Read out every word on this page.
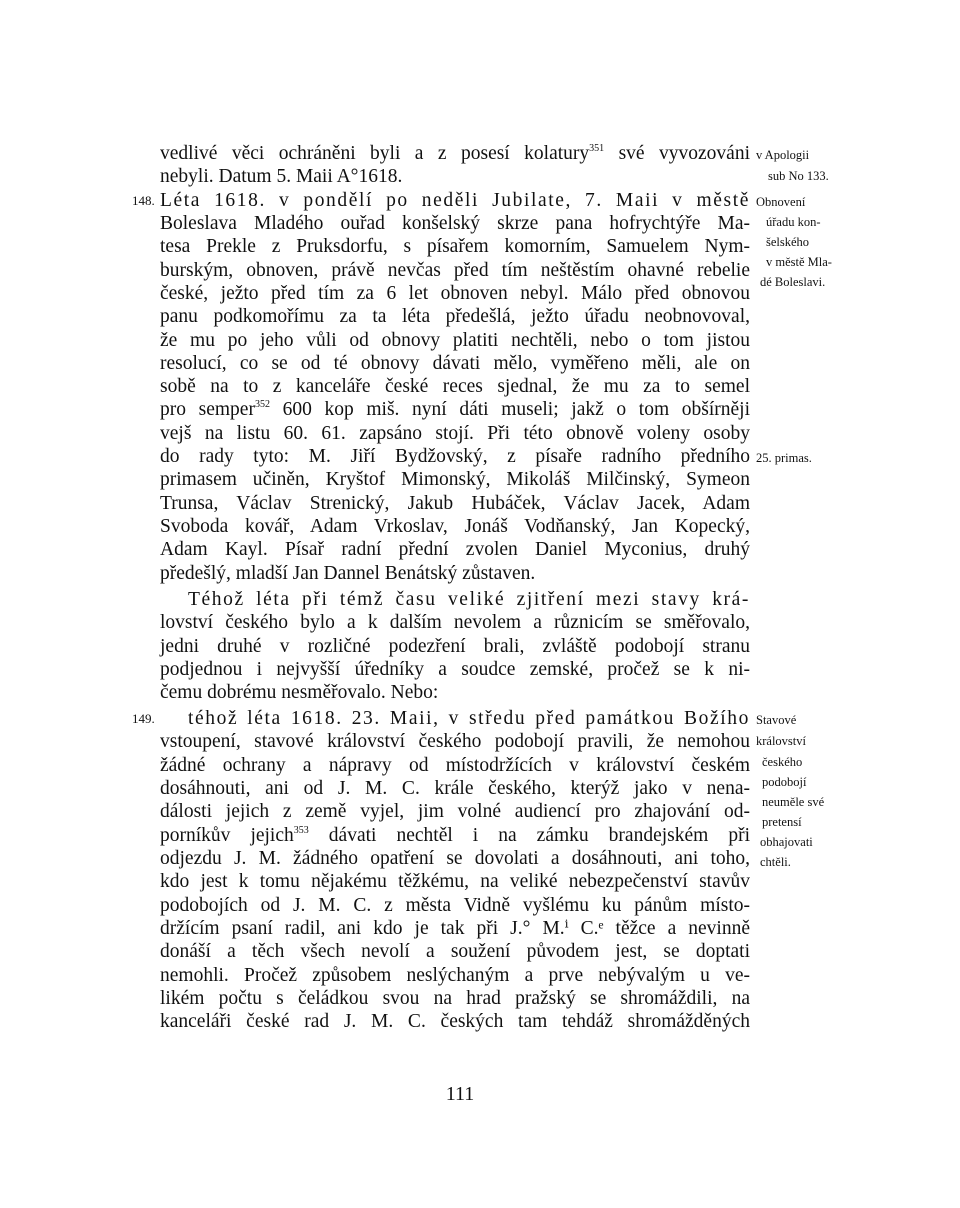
vedlivé věci ochráněni byli a z posesí kolatury$^{351}$ své vyvozováni
nebyli. Datum 5. Maii A°1618.
Léta 1618. v pondělí po neděli Jubilate, 7. Maii v městě
Boleslava Mladého ouřad konšelský skrze pana hofrychtýře Ma-
tesa Prekle z Pruksdorfu, s písařem komorním, Samuelem Nym-
burským, obnoven, právě nevčas před tím neštěstím ohavné rebelie
české, ježto před tím za 6 let obnoven nebyl. Málo před obnovou
panu podkomořímu za ta léta předešlá, ježto úřadu neobnovoval,
že mu po jeho vůli od obnovy platiti nechtěli, nebo o tom jistou
resolucí, co se od té obnovy dávati mělo, vyměřeno měli, ale on
sobě na to z kanceláře české reces sjednal, že mu za to semel
pro semper$^{352}$ 600 kop miš. nyní dáti museli; jakž o tom obšírněji
vejš na listu 60. 61. zapsáno stojí. Při této obnově voleny osoby
do rady tyto: M. Jiří Bydžovský, z písaře radního předního
primasem učiněn, Kryštof Mimonský, Mikoláš Milčinský, Symeon
Trunsa, Václav Strenický, Jakub Hubáček, Václav Jacek, Adam
Svoboda kovář, Adam Vrkoslav, Jonáš Vodňanský, Jan Kopecký,
Adam Kayl. Písař radní přední zvolen Daniel Myconius, druhý
předešlý, mladší Jan Dannel Benátský zůstaven.
Téhož léta při témž času veliké zjitření mezi stavy krá-
lovství českého bylo a k dalším nevolem a různicím se směřovalo,
jedni druhé v rozličné podezření brali, zvláště podobojí stranu
podjednou i nejvyšší úředníky a soudce zemské, pročež se k ni-
čemu dobrému nesměřovalo. Nebo:
téhož léta 1618. 23. Maii, v středu před památkou Božího
vstoupení, stavové království českého podobojí pravili, že nemohou
žádné ochrany a nápravy od místodržících v království českém
dosáhnouti, ani od J. M. C. krále českého, kterýž jako v nena-
dálosti jejich z země vyjel, jim volné audiencí pro zhajování od-
porníkův jejich$^{353}$ dávati nechtěl i na zámku brandejském při
odjezdu J. M. žádného opatření se dovolati a dosáhnouti, ani toho,
kdo jest k tomu nějakému těžkému, na veliké nebezpečenství stavův
podobojích od J. M. C. z města Vidně vyšlému ku pánům místo-
držícím psaní radil, ani kdo je tak při J.° M.ⁱ C.ᵉ těžce a nevinně
donáší a těch všech nevolí a soužení původem jest, se doptati
nemohli. Pročež způsobem neslýchaným a prve nebývalým u ve-
likém počtu s čeládkou svou na hrad pražský se shromáždili, na
kanceláři české rad J. M. C. českých tam tehdáž shromážděných
148.
149.
v Apologii
sub No 133.
Obnovení
úřadu kon-
šelského
v městě Mla-
dé Boleslavi.
25. primas.
Stavové
království
českého
podobojí
neuměle své
pretensí
obhajovati
chtěli.
111
